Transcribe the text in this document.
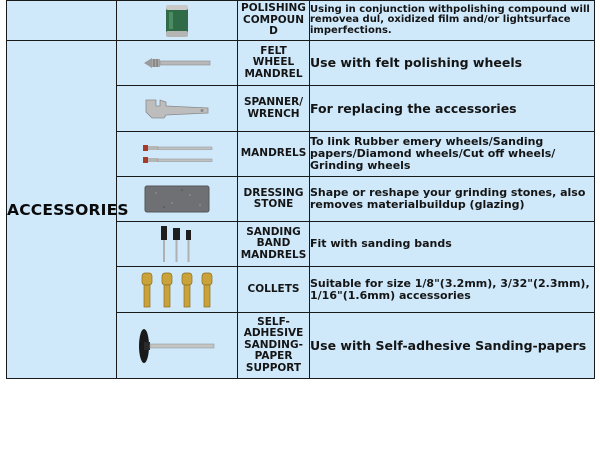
	POLISHING COMPOUND	Using in conjunction withpolishing compound will removea dul, oxidized film and/or lightsurface imperfections.
ACCESSORIES		FELT WHEEL MANDREL	Use with felt polishing wheels

	SPANNER/ WRENCH	For replacing the accessories

	MANDRELS	To link Rubber emery wheels/Sanding papers/Diamond wheels/Cut off wheels/ Grinding wheels

	DRESSING STONE	Shape or reshape your grinding stones, also removes materialbuildup (glazing)

	SANDING BAND MANDRELS	Fit with sanding bands

	COLLETS	Suitable for size 1/8"(3.2mm), 3/32"(2.3mm), 1/16"(1.6mm) accessories

	SELF-ADHESIVE SANDING-PAPER SUPPORT	Use with Self-adhesive Sanding-papers
